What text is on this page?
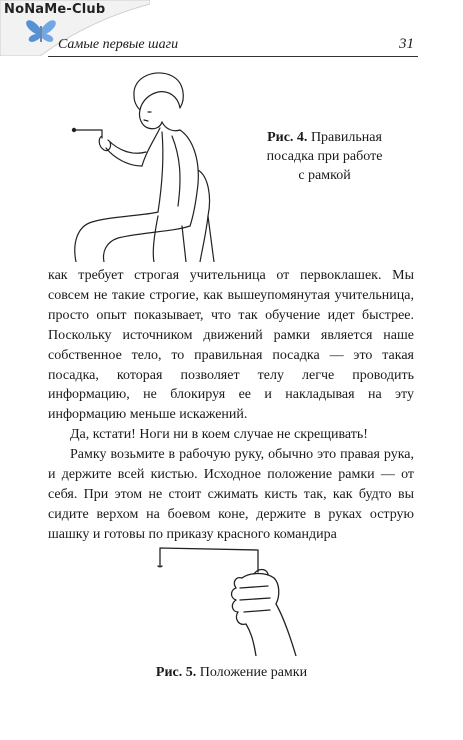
NoNaMe-Club
Самые первые шаги	31
Рис. 4. Правильная посадка при работе с рамкой

как требует строгая учительница от первоклашек. Мы совсем не такие строгие, как вышеупомянутая учительница, просто опыт показывает, что так обучение идет быстрее. Поскольку источником движений рамки является наше собственное тело, то правильная посадка — это такая посадка, которая позволяет телу легче проводить информацию, не блокируя ее и накладывая на эту информацию меньше искажений.

Да, кстати! Ноги ни в коем случае не скрещивать!

Рамку возьмите в рабочую руку, обычно это правая рука, и держите всей кистью. Исходное положение рамки — от себя. При этом не стоит сжимать кисть так, как будто вы сидите верхом на боевом коне, держите в руках острую шашку и готовы по приказу красного командира

Рис. 5. Положение рамки
